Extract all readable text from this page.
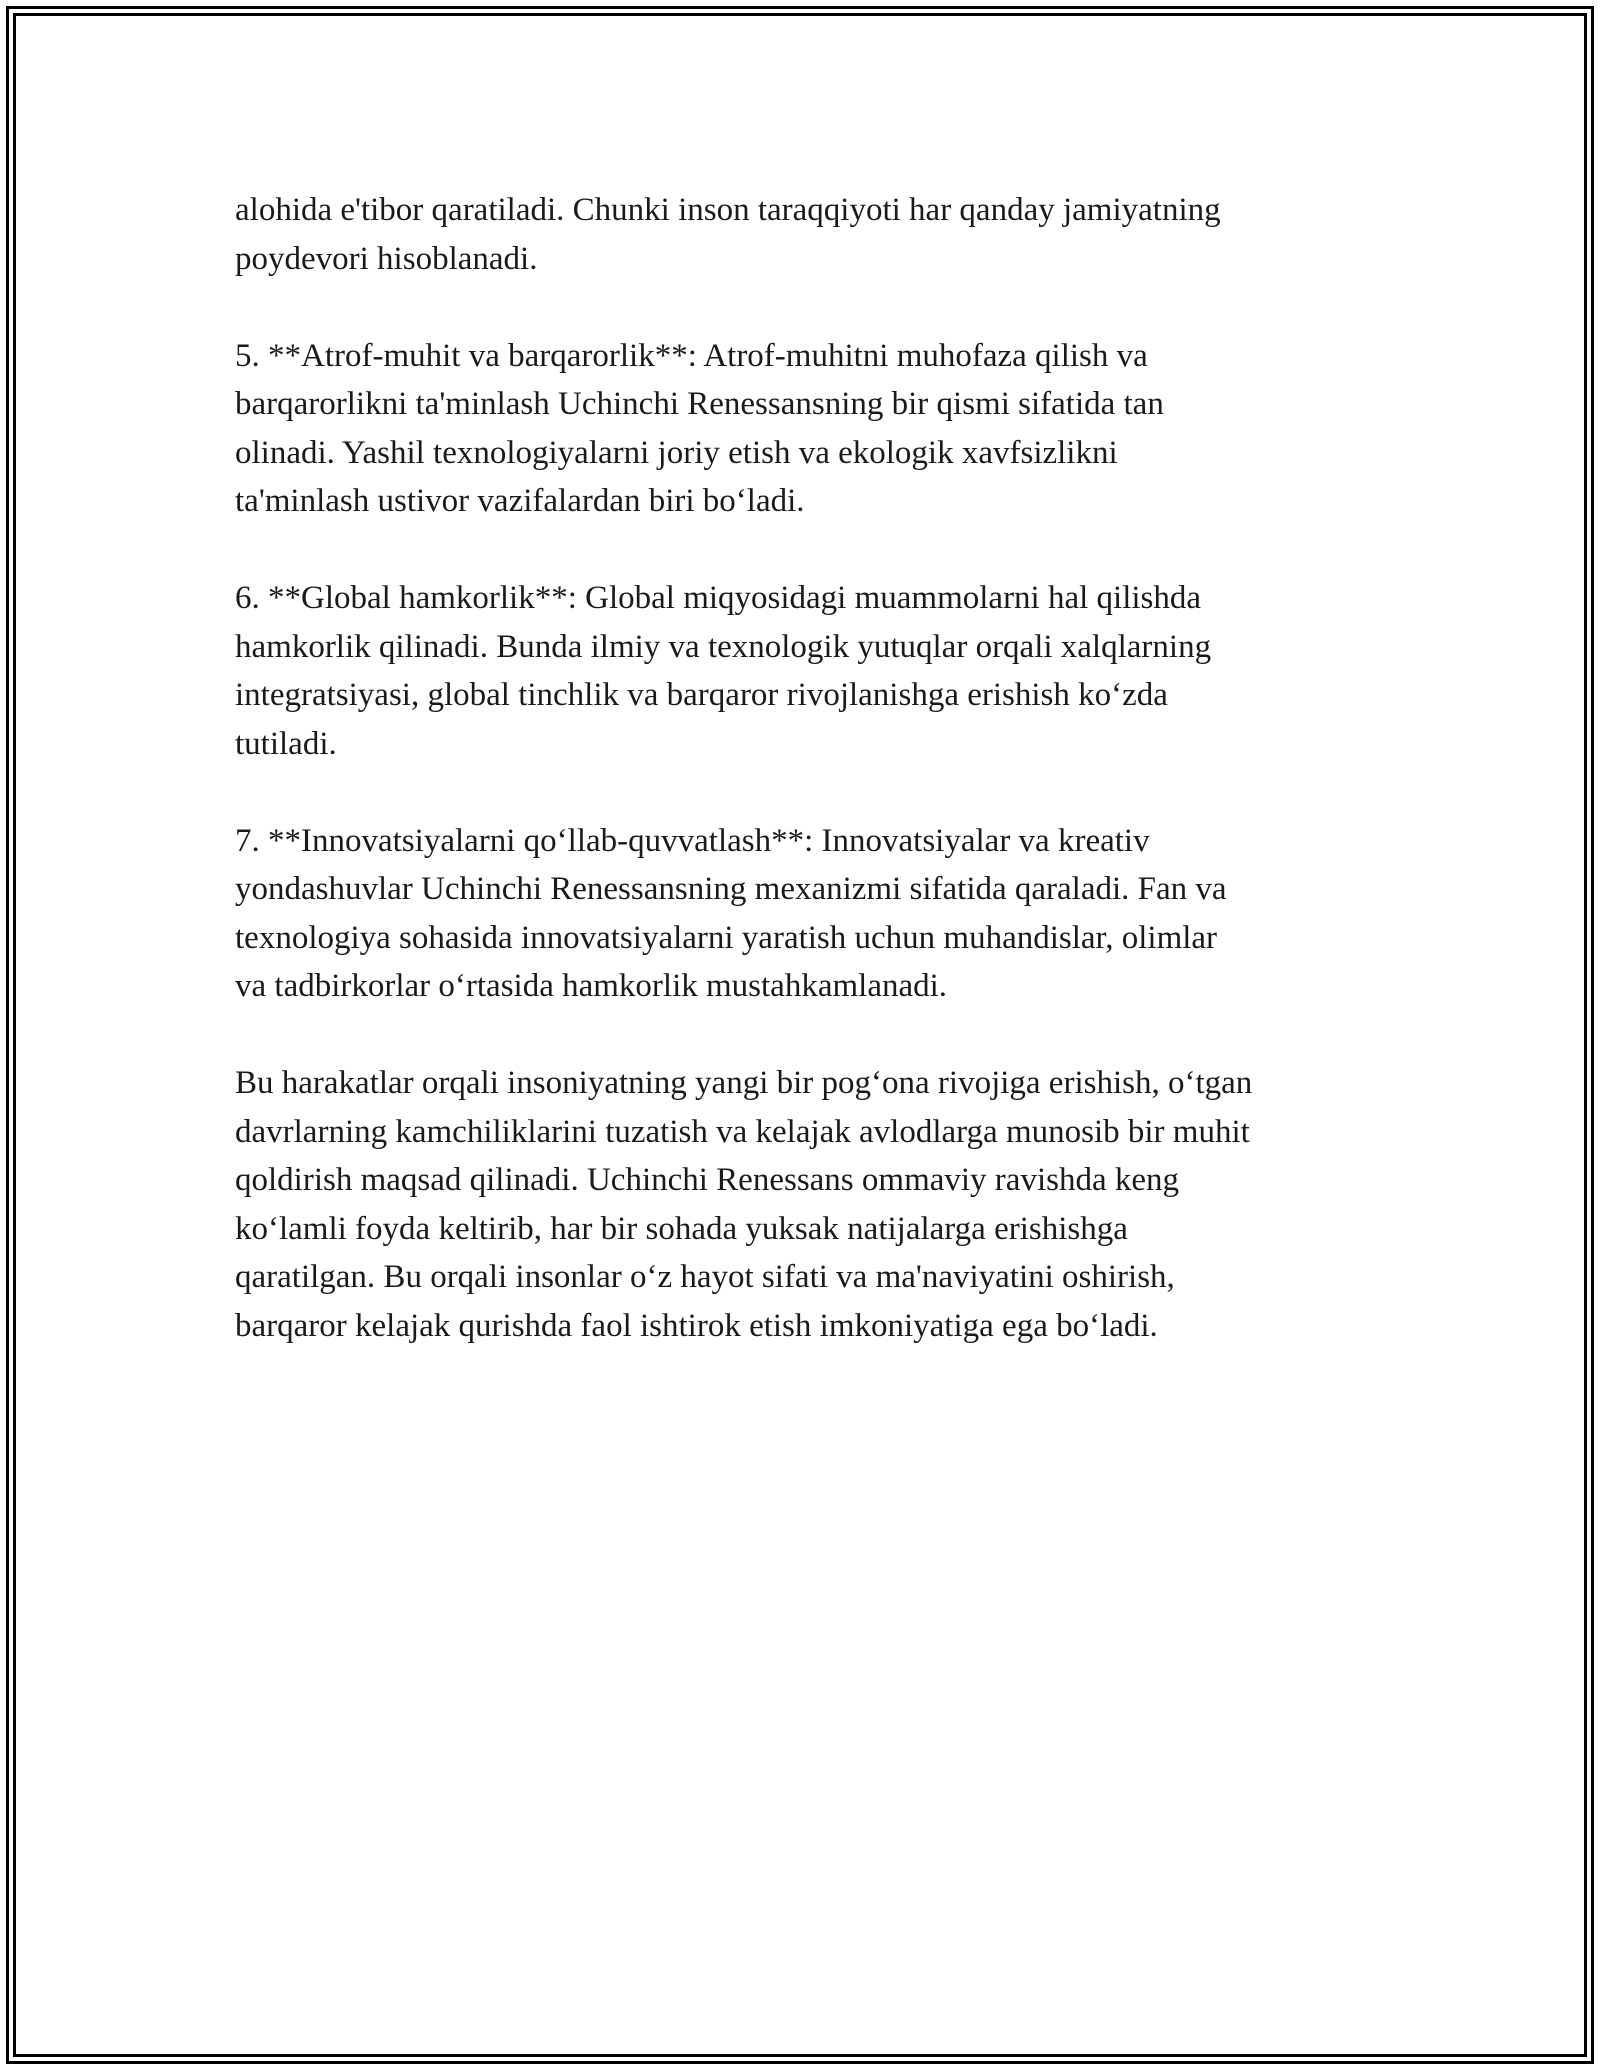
alohida e'tibor qaratiladi. Chunki inson taraqqiyoti har qanday jamiyatning
poydevori hisoblanadi.

5. **Atrof-muhit va barqarorlik**: Atrof-muhitni muhofaza qilish va
barqarorlikni ta'minlash Uchinchi Renessansning bir qismi sifatida tan
olinadi. Yashil texnologiyalarni joriy etish va ekologik xavfsizlikni
ta'minlash ustivor vazifalardan biri bo‘ladi.

6. **Global hamkorlik**: Global miqyosidagi muammolarni hal qilishda
hamkorlik qilinadi. Bunda ilmiy va texnologik yutuqlar orqali xalqlarning
integratsiyasi, global tinchlik va barqaror rivojlanishga erishish ko‘zda
tutiladi.

7. **Innovatsiyalarni qo‘llab-quvvatlash**: Innovatsiyalar va kreativ
yondashuvlar Uchinchi Renessansning mexanizmi sifatida qaraladi. Fan va
texnologiya sohasida innovatsiyalarni yaratish uchun muhandislar, olimlar
va tadbirkorlar o‘rtasida hamkorlik mustahkamlanadi.

Bu harakatlar orqali insoniyatning yangi bir pog‘ona rivojiga erishish, o‘tgan
davrlarning kamchiliklarini tuzatish va kelajak avlodlarga munosib bir muhit
qoldirish maqsad qilinadi. Uchinchi Renessans ommaviy ravishda keng
ko‘lamli foyda keltirib, har bir sohada yuksak natijalarga erishishga
qaratilgan. Bu orqali insonlar o‘z hayot sifati va ma'naviyatini oshirish,
barqaror kelajak qurishda faol ishtirok etish imkoniyatiga ega bo‘ladi.
